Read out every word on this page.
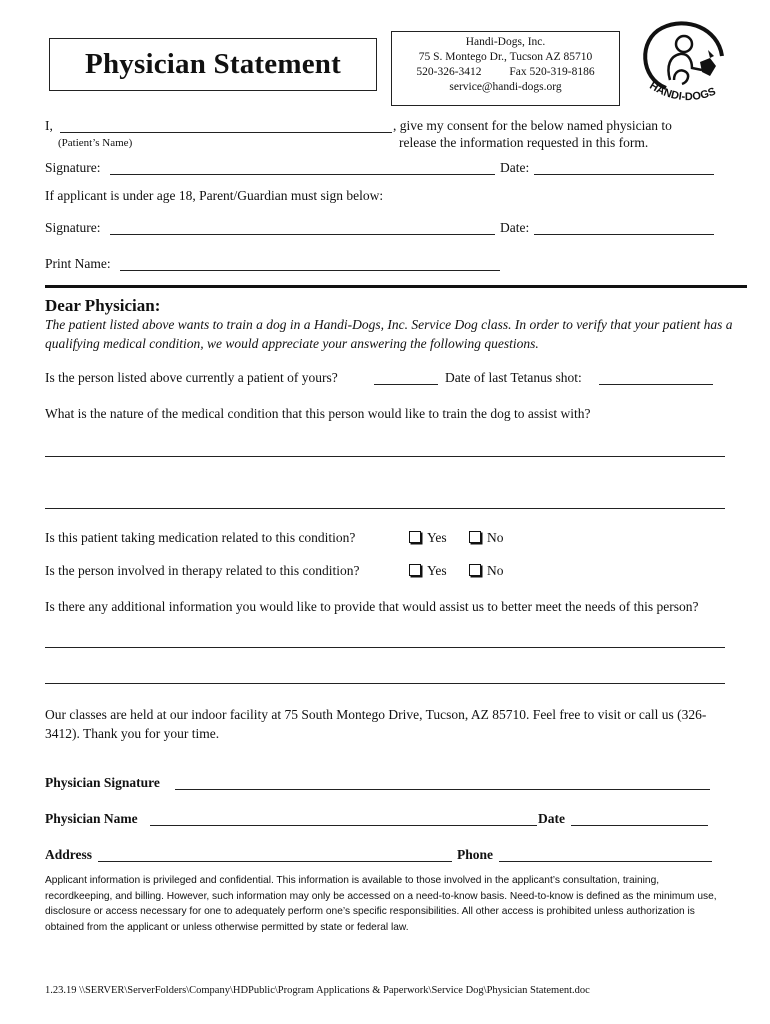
Physician Statement
Handi-Dogs, Inc.
75 S. Montego Dr., Tucson AZ 85710
520-326-3412 Fax 520-319-8186
service@handi-dogs.org	HANDI-DOGS
I,	, give my consent for the below named physician to
(Patient’s Name)	release the information requested in this form.
Signature:	Date:
If applicant is under age 18, Parent/Guardian must sign below:
Signature:	Date:
Print Name:
Dear Physician:
The patient listed above wants to train a dog in a Handi-Dogs, Inc. Service Dog class. In order to verify that your patient has a qualifying medical condition, we would appreciate your answering the following questions.
Is the person listed above currently a patient of yours?	Date of last Tetanus shot:
What is the nature of the medical condition that this person would like to train the dog to assist with?
Is this patient taking medication related to this condition?	Yes	No
Is the person involved in therapy related to this condition?	Yes	No
Is there any additional information you would like to provide that would assist us to better meet the needs of this person?
Our classes are held at our indoor facility at 75 South Montego Drive, Tucson, AZ 85710. Feel free to visit or call us (326-3412). Thank you for your time.
Physician Signature
Physician Name	Date
Address	Phone
Applicant information is privileged and confidential. This information is available to those involved in the applicant’s consultation, training, recordkeeping, and billing. However, such information may only be accessed on a need-to-know basis. Need-to-know is defined as the minimum use, disclosure or access necessary for one to adequately perform one’s specific responsibilities. All other access is prohibited unless authorization is obtained from the applicant or unless otherwise permitted by state or federal law.
1.23.19 \\SERVER\ServerFolders\Company\HDPublic\Program Applications & Paperwork\Service Dog\Physician Statement.doc
